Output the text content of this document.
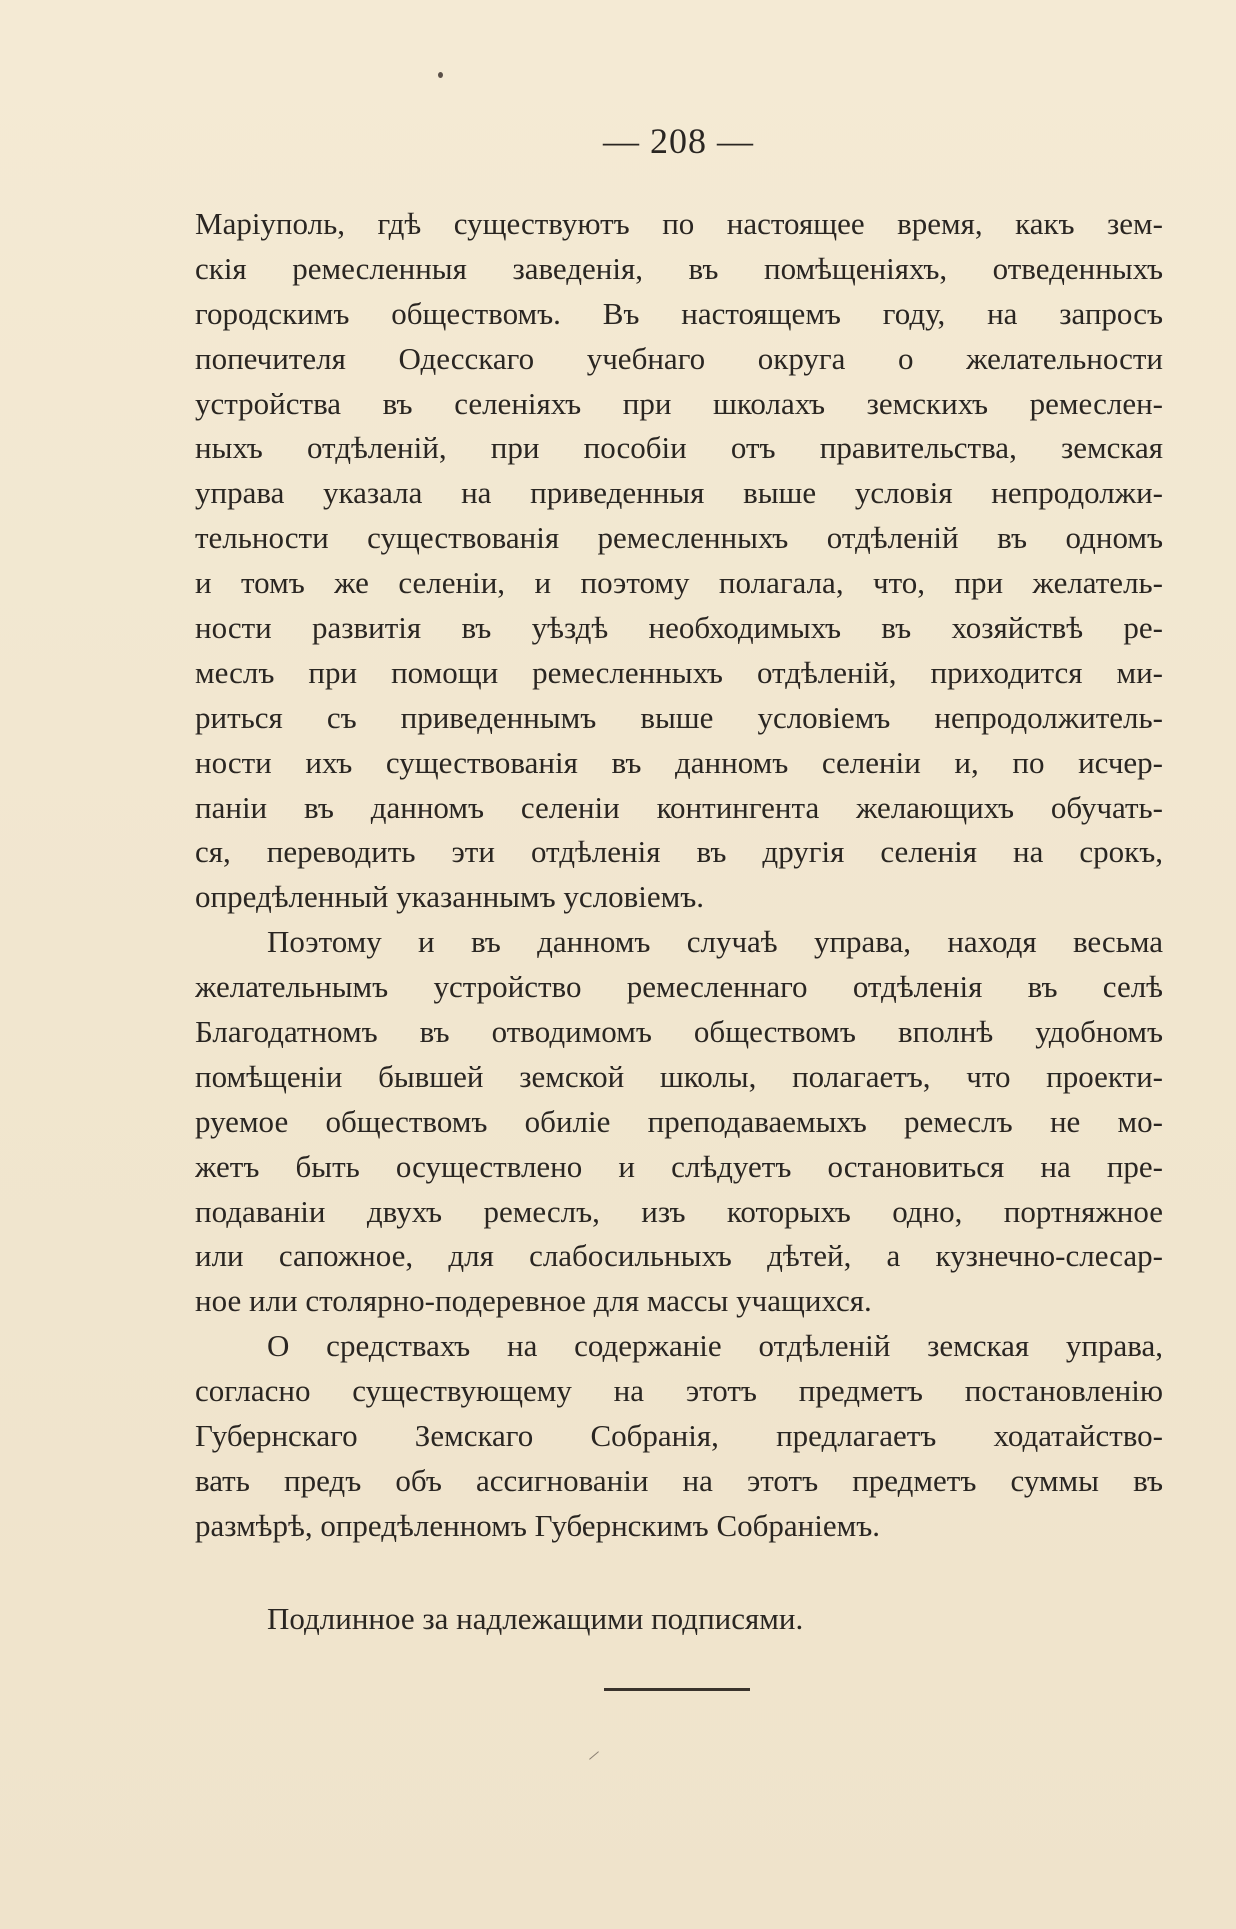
— 208 —
Маріуполь, гдѣ существуютъ по настоящее время, какъ зем-
скія ремесленныя заведенія, въ помѣщеніяхъ, отведенныхъ
городскимъ обществомъ. Въ настоящемъ году, на запросъ
попечителя Одесскаго учебнаго округа о желательности
устройства въ селеніяхъ при школахъ земскихъ ремеслен-
ныхъ отдѣленій, при пособіи отъ правительства, земская
управа указала на приведенныя выше условія непродолжи-
тельности существованія ремесленныхъ отдѣленій въ одномъ
и томъ же селеніи, и поэтому полагала, что, при желатель-
ности развитія въ уѣздѣ необходимыхъ въ хозяйствѣ ре-
меслъ при помощи ремесленныхъ отдѣленій, приходится ми-
риться съ приведеннымъ выше условіемъ непродолжитель-
ности ихъ существованія въ данномъ селеніи и, по исчер-
паніи въ данномъ селеніи контингента желающихъ обучать-
ся, переводить эти отдѣленія въ другія селенія на срокъ,
опредѣленный указаннымъ условіемъ.
Поэтому и въ данномъ случаѣ управа, находя весьма
желательнымъ устройство ремесленнаго отдѣленія въ селѣ
Благодатномъ въ отводимомъ обществомъ вполнѣ удобномъ
помѣщеніи бывшей земской школы, полагаетъ, что проекти-
руемое обществомъ обиліе преподаваемыхъ ремеслъ не мо-
жетъ быть осуществлено и слѣдуетъ остановиться на пре-
подаваніи двухъ ремеслъ, изъ которыхъ одно, портняжное
или сапожное, для слабосильныхъ дѣтей, а кузнечно-слесар-
ное или столярно-подеревное для массы учащихся.
О средствахъ на содержаніе отдѣленій земская управа,
согласно существующему на этотъ предметъ постановленію
Губернскаго Земскаго Собранія, предлагаетъ ходатайство-
вать предъ объ ассигнованіи на этотъ предметъ суммы въ
размѣрѣ, опредѣленномъ Губернскимъ Собраніемъ.
Подлинное за надлежащими подписями.
